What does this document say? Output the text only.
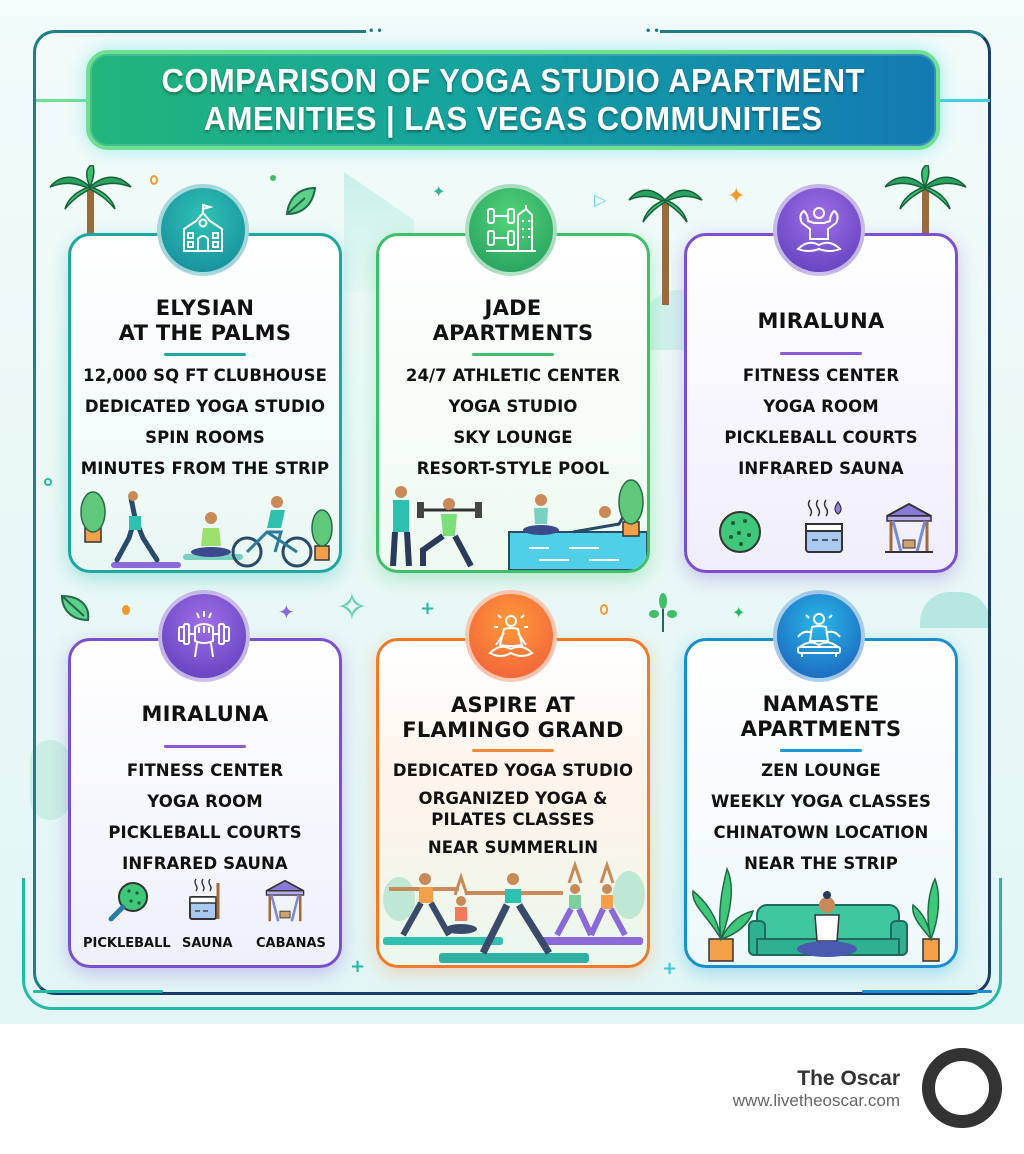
••	••
COMPARISON OF YOGA STUDIO APARTMENT
AMENITIES | LAS VEGAS COMMUNITIES
✦	▷	✦
✦ ✧	+	✦
+	+
ELYSIAN
AT THE PALMS
12,000 SQ FT CLUBHOUSE
DEDICATED YOGA STUDIO
SPIN ROOMS
MINUTES FROM THE STRIP
JADE
APARTMENTS
24/7 ATHLETIC CENTER
YOGA STUDIO
SKY LOUNGE
RESORT-STYLE POOL
MIRALUNA
FITNESS CENTER
YOGA ROOM
PICKLEBALL COURTS
INFRARED SAUNA
MIRALUNA
FITNESS CENTER
YOGA ROOM
PICKLEBALL COURTS
INFRARED SAUNA
PICKLEBALL SAUNA CABANAS
ASPIRE AT
FLAMINGO GRAND
DEDICATED YOGA STUDIO
ORGANIZED YOGA &
PILATES CLASSES
NEAR SUMMERLIN
NAMASTE
APARTMENTS
ZEN LOUNGE
WEEKLY YOGA CLASSES
CHINATOWN LOCATION
NEAR THE STRIP
The Oscar
www.livetheoscar.com
